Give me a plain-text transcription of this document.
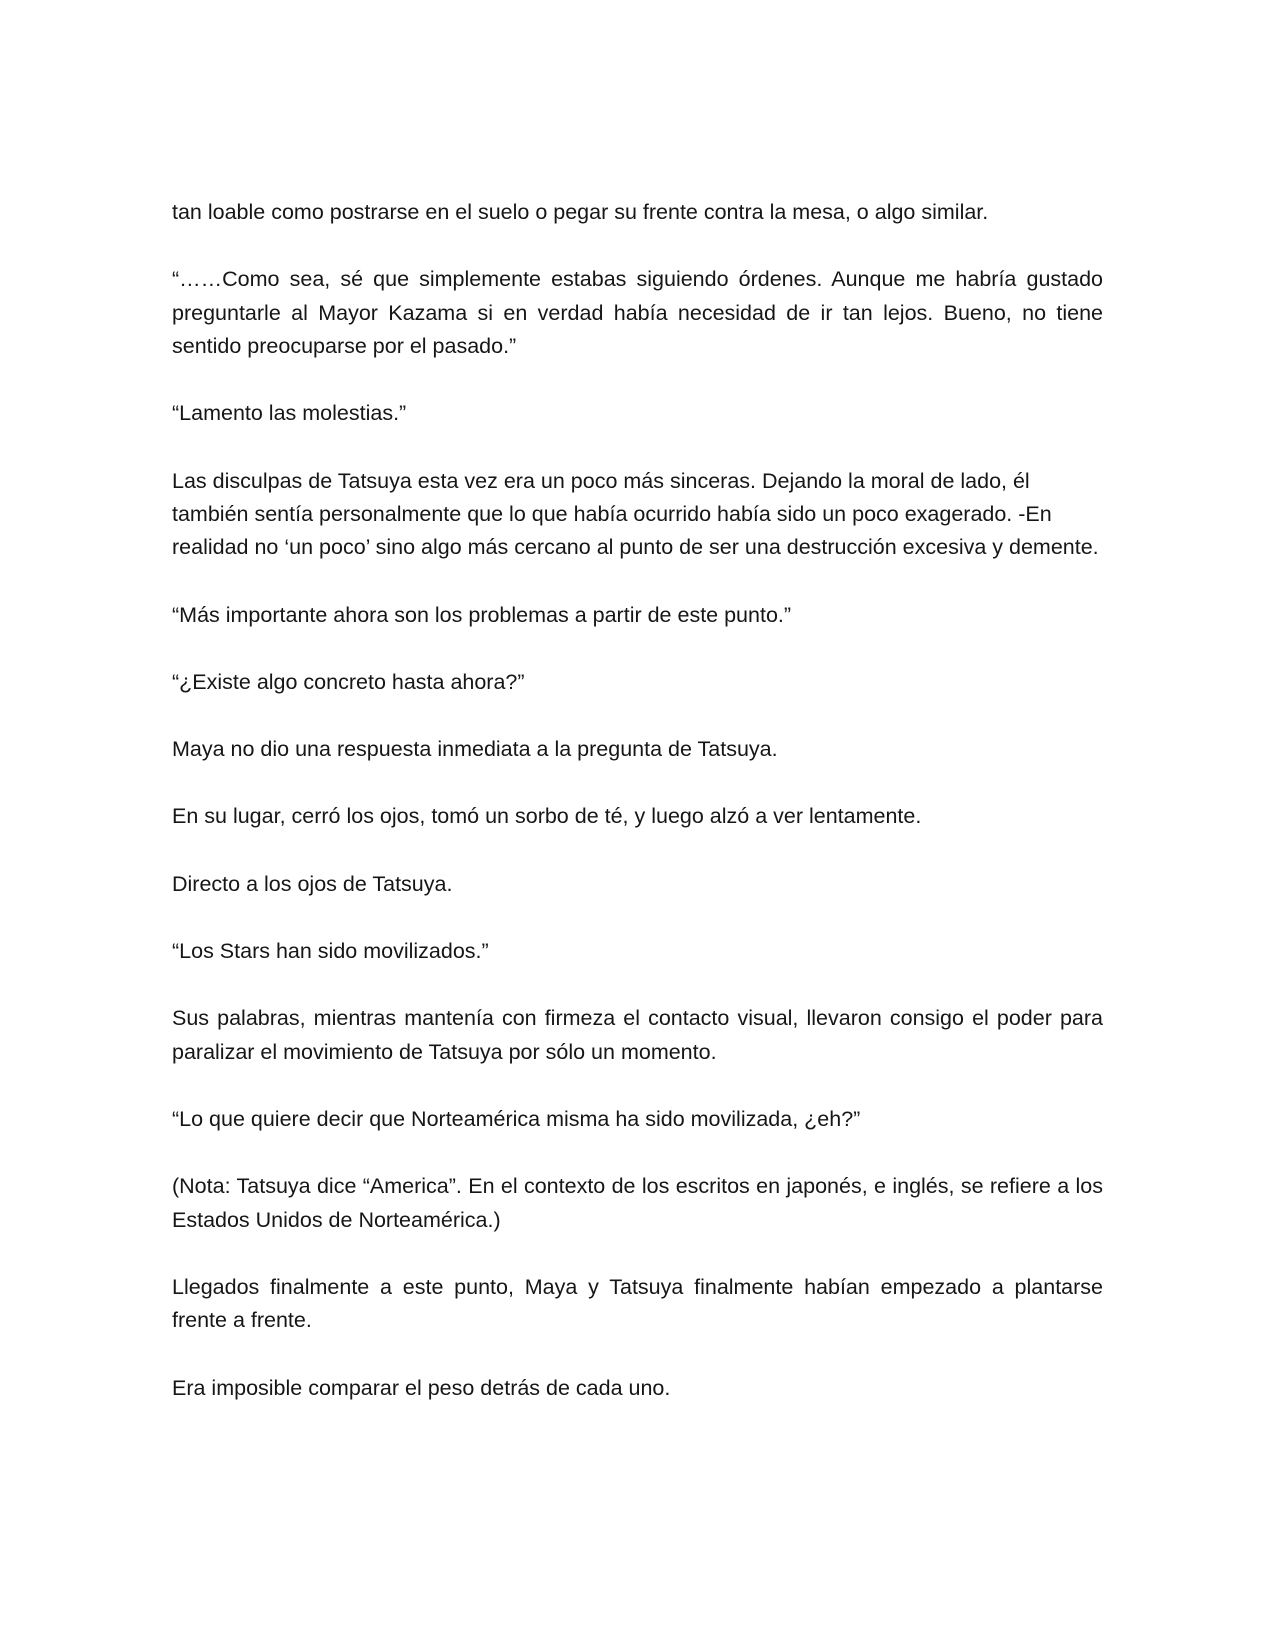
tan loable como postrarse en el suelo o pegar su frente contra la mesa, o algo similar.

“……Como sea, sé que simplemente estabas siguiendo órdenes. Aunque me habría gustado preguntarle al Mayor Kazama si en verdad había necesidad de ir tan lejos. Bueno, no tiene sentido preocuparse por el pasado.”

“Lamento las molestias.”

Las disculpas de Tatsuya esta vez era un poco más sinceras. Dejando la moral de lado, él también sentía personalmente que lo que había ocurrido había sido un poco exagerado. -En realidad no ‘un poco’ sino algo más cercano al punto de ser una destrucción excesiva y demente.

“Más importante ahora son los problemas a partir de este punto.”

“¿Existe algo concreto hasta ahora?”

Maya no dio una respuesta inmediata a la pregunta de Tatsuya.

En su lugar, cerró los ojos, tomó un sorbo de té, y luego alzó a ver lentamente.

Directo a los ojos de Tatsuya.

“Los Stars han sido movilizados.”

Sus palabras, mientras mantenía con firmeza el contacto visual, llevaron consigo el poder para paralizar el movimiento de Tatsuya por sólo un momento.

“Lo que quiere decir que Norteamérica misma ha sido movilizada, ¿eh?”

(Nota: Tatsuya dice “America”. En el contexto de los escritos en japonés, e inglés, se refiere a los Estados Unidos de Norteamérica.)

Llegados finalmente a este punto, Maya y Tatsuya finalmente habían empezado a plantarse frente a frente.

Era imposible comparar el peso detrás de cada uno.
